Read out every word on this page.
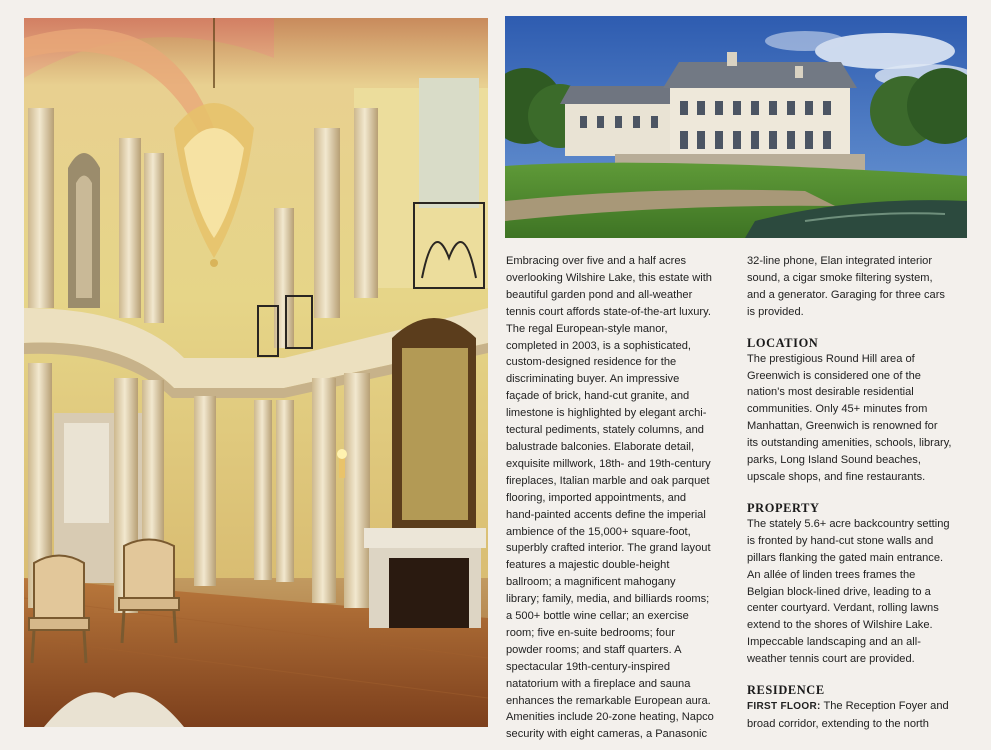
Embracing over five and a half acres
overlooking Wilshire Lake, this estate with
beautiful garden pond and all-weather
tennis court affords state-of-the-art luxury.
The regal European-style manor,
completed in 2003, is a sophisticated,
custom-designed residence for the
discriminating buyer. An impressive
façade of brick, hand-cut granite, and
limestone is highlighted by elegant archi-
tectural pediments, stately columns, and
balustrade balconies. Elaborate detail,
exquisite millwork, 18th- and 19th-century
fireplaces, Italian marble and oak parquet
flooring, imported appointments, and
hand-painted accents define the imperial
ambience of the 15,000+ square-foot,
superbly crafted interior. The grand layout
features a majestic double-height
ballroom; a magnificent mahogany
library; family, media, and billiards rooms;
a 500+ bottle wine cellar; an exercise
room; five en-suite bedrooms; four
powder rooms; and staff quarters. A
spectacular 19th-century-inspired
natatorium with a fireplace and sauna
enhances the remarkable European aura.
Amenities include 20-zone heating, Napco
security with eight cameras, a Panasonic
32-line phone, Elan integrated interior
sound, a cigar smoke filtering system,
and a generator. Garaging for three cars
is provided.
LOCATION
The prestigious Round Hill area of
Greenwich is considered one of the
nation's most desirable residential
communities. Only 45+ minutes from
Manhattan, Greenwich is renowned for
its outstanding amenities, schools, library,
parks, Long Island Sound beaches,
upscale shops, and fine restaurants.
PROPERTY
The stately 5.6+ acre backcountry setting
is fronted by hand-cut stone walls and
pillars flanking the gated main entrance.
An allée of linden trees frames the
Belgian block-lined drive, leading to a
center courtyard. Verdant, rolling lawns
extend to the shores of Wilshire Lake.
Impeccable landscaping and an all-
weather tennis court are provided.
RESIDENCE
FIRST FLOOR: The Reception Foyer and
broad corridor, extending to the north
